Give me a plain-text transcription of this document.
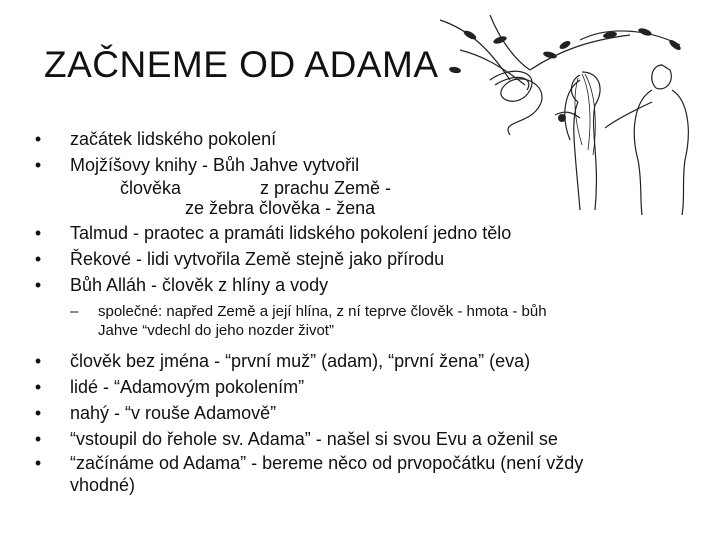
ZAČNEME OD ADAMA
• začátek lidského pokolení
• Mojžíšovy knihy - Bůh Jahve vytvořil
člověka	z prachu Země -
ze žebra člověka - žena
• Talmud - praotec a pramáti lidského pokolení jedno tělo
• Řekové - lidi vytvořila Země stejně jako přírodu
• Bůh Alláh - člověk z hlíny a vody
– společné: napřed Země a její hlína, z ní teprve člověk - hmota - bůh
Jahve “vdechl do jeho nozder život”
• člověk bez jména - “první muž” (adam), “první žena” (eva)
• lidé - “Adamovým pokolením”
• nahý - “v rouše Adamově”
• “vstoupil do řehole sv. Adama” - našel si svou Evu a oženil se
• “začínáme od Adama” - bereme něco od prvopočátku (není vždy
vhodné)
